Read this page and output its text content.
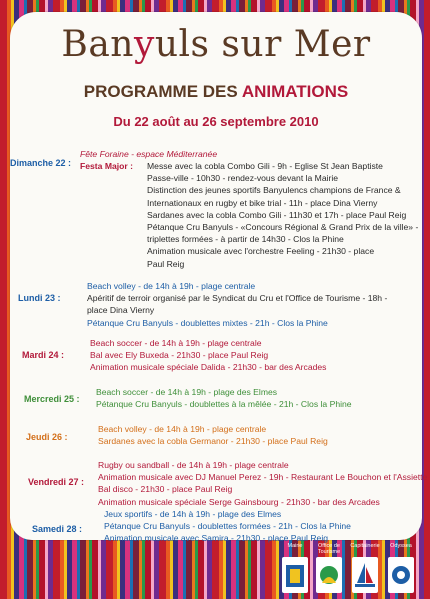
Banyuls sur Mer
PROGRAMME DES ANIMATIONS
Du 22 août au 26 septembre 2010
Dimanche 22 :
Fête Foraine - espace Méditerranée
Festa Major :	Messe avec la cobla Combo Gili - 9h - Eglise St Jean Baptiste
Passe-ville - 10h30 - rendez-vous devant la Mairie
Distinction des jeunes sportifs Banyulencs champions de France &
Internationaux en rugby et bike trial - 11h - place Dina Vierny
Sardanes avec la cobla Combo Gili - 11h30 et 17h - place Paul Reig
Pétanque Cru Banyuls - «Concours Régional & Grand Prix de la ville» -
triplettes formées - à partir de 14h30 - Clos la Phine
Animation musicale avec l'orchestre Feeling - 21h30 - place
Paul Reig
Lundi 23 :
Beach volley - de 14h à 19h - plage centrale
Apéritif de terroir organisé par le Syndicat du Cru et l'Office de Tourisme - 18h -
place Dina Vierny
Pétanque Cru Banyuls - doublettes mixtes - 21h - Clos la Phine
Mardi 24 :
Beach soccer - de 14h à 19h - plage centrale
Bal avec Ely Buxeda - 21h30 - place Paul Reig
Animation musicale spéciale Dalida - 21h30 - bar des Arcades
Mercredi 25 :
Beach soccer - de 14h à 19h - plage des Elmes
Pétanque Cru Banyuls - doublettes à la mêlée - 21h - Clos la Phine
Jeudi 26 :
Beach volley - de 14h à 19h - plage centrale
Sardanes avec la cobla Germanor - 21h30 - place Paul Reig
Vendredi 27 :
Rugby ou sandball - de 14h à 19h - plage centrale
Animation musicale avec DJ Manuel Perez - 19h - Restaurant Le Bouchon et l'Assiette
Bal disco - 21h30 - place Paul Reig
Animation musicale spéciale Serge Gainsbourg - 21h30 - bar des Arcades
Samedi 28 :
Jeux sportifs - de 14h à 19h - plage des Elmes
Pétanque Cru Banyuls - doublettes formées - 21h - Clos la Phine
Animation musicale avec Samira - 21h30 - place Paul Reig
Mairie	Office de Tourisme
Capitainerie	Odyssea
